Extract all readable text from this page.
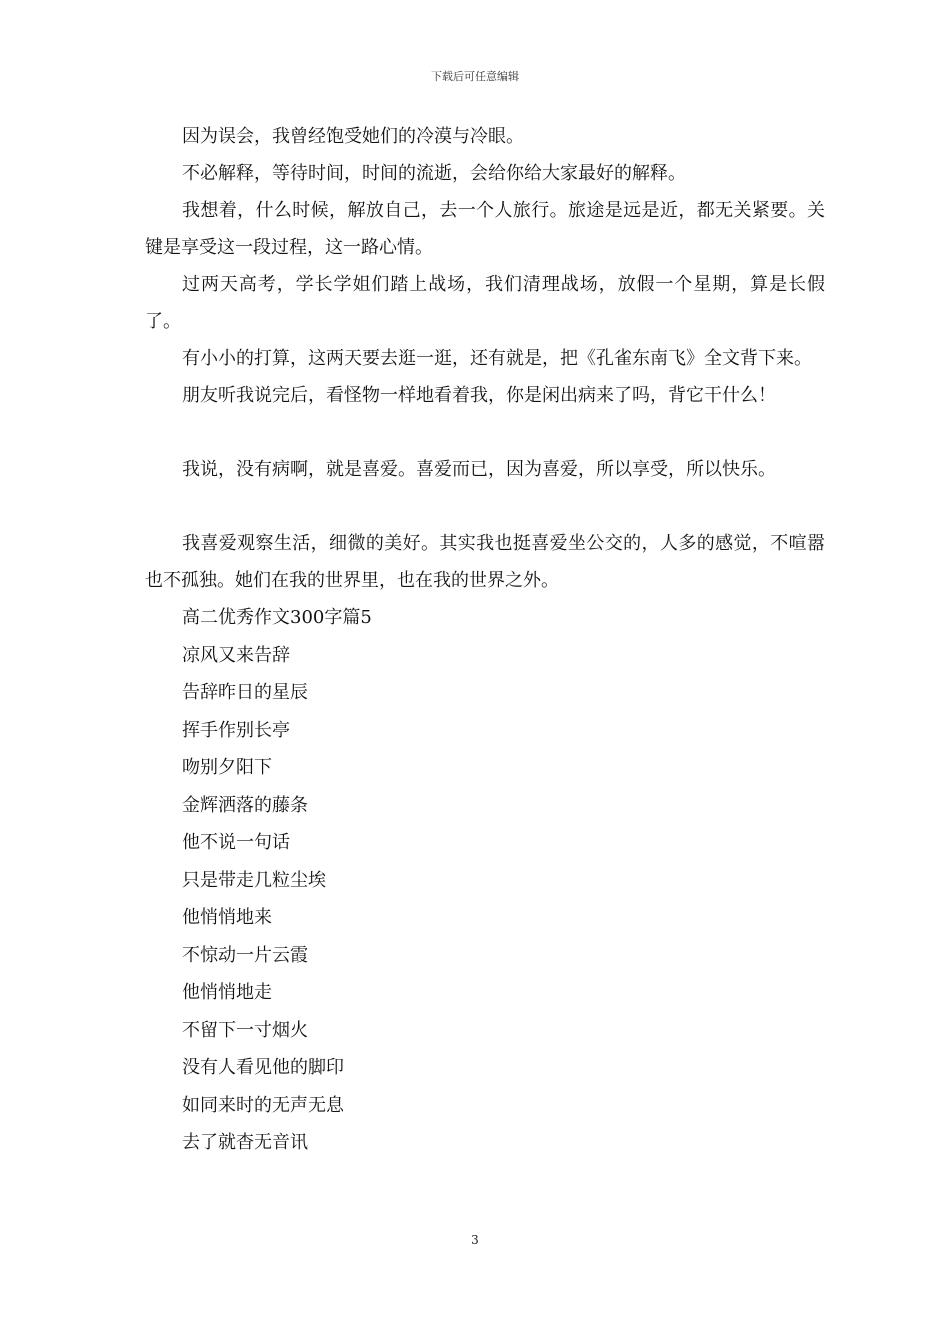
下载后可任意编辑

因为误会，我曾经饱受她们的冷漠与冷眼。

不必解释，等待时间，时间的流逝，会给你给大家最好的解释。

我想着，什么时候，解放自己，去一个人旅行。旅途是远是近，都无关紧要。关键是享受这一段过程，这一路心情。

过两天高考，学长学姐们踏上战场，我们清理战场，放假一个星期，算是长假了。

有小小的打算，这两天要去逛一逛，还有就是，把《孔雀东南飞》全文背下来。

朋友听我说完后，看怪物一样地看着我，你是闲出病来了吗，背它干什么！

我说，没有病啊，就是喜爱。喜爱而已，因为喜爱，所以享受，所以快乐。

我喜爱观察生活，细微的美好。其实我也挺喜爱坐公交的，人多的感觉，不喧嚣也不孤独。她们在我的世界里，也在我的世界之外。

高二优秀作文300字篇5

凉风又来告辞

告辞昨日的星辰

挥手作别长亭

吻别夕阳下

金辉洒落的藤条

他不说一句话

只是带走几粒尘埃

他悄悄地来

不惊动一片云霞

他悄悄地走

不留下一寸烟火

没有人看见他的脚印

如同来时的无声无息

去了就杳无音讯

3
